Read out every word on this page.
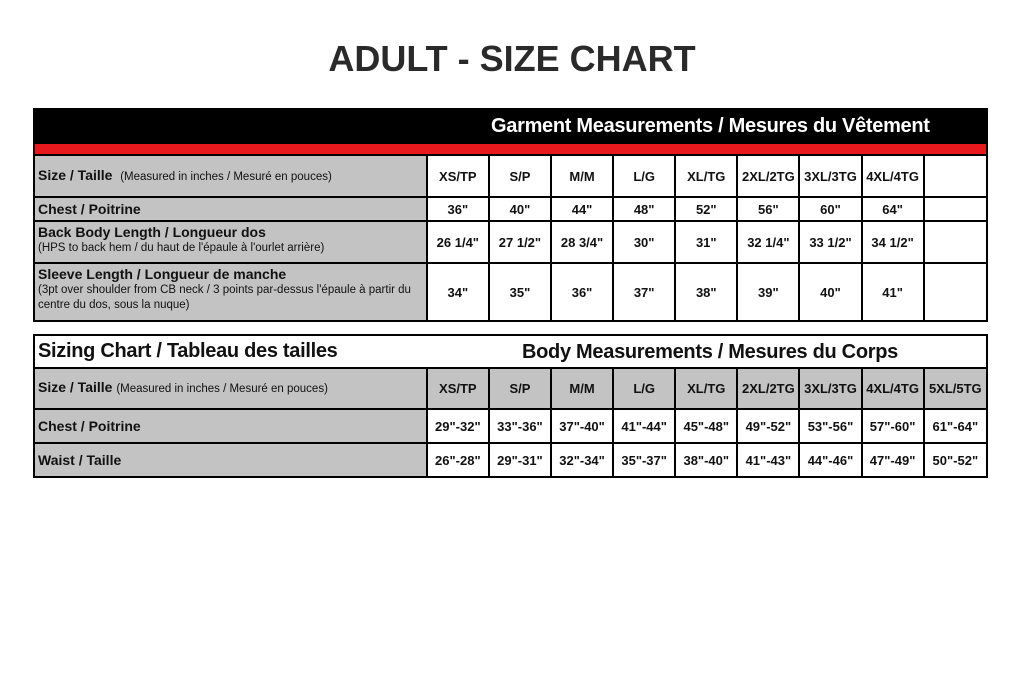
ADULT - SIZE CHART
Garment Measurements / Mesures du Vêtement									

Size / Taille (Measured in inches / Mesuré en pouces)	XS/TP	S/P	M/M	L/G	XL/TG	2XL/2TG	3XL/3TG	4XL/4TG	
Chest / Poitrine	36"	40"	44"	48"	52"	56"	60"	64"	

Back Body Length / Longueur dos
(HPS to back hem / du haut de l'épaule à l'ourlet arrière)	26 1/4"	27 1/2"	28 3/4"	30"	31"	32 1/4"	33 1/2"	34 1/2"	

Sleeve Length / Longueur de manche
(3pt over shoulder from CB neck / 3 points par-dessus l'épaule à partir du centre du dos, sous la nuque)	34"	35"	36"	37"	38"	39"	40"	41"	
Sizing Chart / Tableau des tailles Body Measurements / Mesures du Corps									

Size / Taille (Measured in inches / Mesuré en pouces)	XS/TP	S/P	M/M	L/G	XL/TG	2XL/2TG	3XL/3TG	4XL/4TG	5XL/5TG
Chest / Poitrine	29"-32"	33"-36"	37"-40"	41"-44"	45"-48"	49"-52"	53"-56"	57"-60"	61"-64"
Waist / Taille	26"-28"	29"-31"	32"-34"	35"-37"	38"-40"	41"-43"	44"-46"	47"-49"	50"-52"
